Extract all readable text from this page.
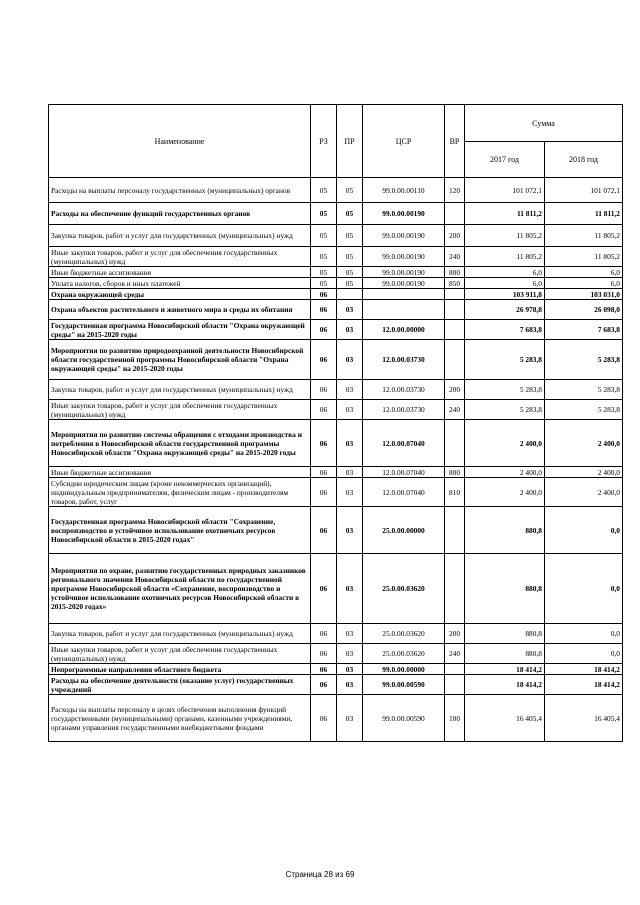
Наименование	РЗ	ПР	ЦСР	ВР	Сумма	
					2017 год	2018 год
Расходы на выплаты персоналу государственных (муниципальных) органов	05	05	99.0.00.00110	120	101 072,1	101 072,1
Расходы на обеспечение функций государственных органов	05	05	99.0.00.00190		11 811,2	11 811,2
Закупка товаров, работ и услуг для государственных (муниципальных) нужд	05	05	99.0.00.00190	200	11 805,2	11 805,2
Иные закупки товаров, работ и услуг для обеспечения государственных (муниципальных) нужд	05	05	99.0.00.00190	240	11 805,2	11 805,2
Иные бюджетные ассигнования	05	05	99.0.00.00190	800	6,0	6,0
Уплата налогов, сборов и иных платежей	05	05	99.0.00.00190	850	6,0	6,0
Охрана окружающей среды	06				103 911,8	103 031,0
Охрана объектов растительного и животного мира и среды их обитания	06	03			26 978,8	26 098,0
Государственная программа Новосибирской области "Охрана окружающей среды" на 2015-2020 годы	06	03	12.0.00.00000		7 683,8	7 683,8
Мероприятия по развитию природоохранной деятельности Новосибирской области государственной программы Новосибирской области "Охрана окружающей среды" на 2015-2020 годы	06	03	12.0.00.03730		5 283,8	5 283,8
Закупка товаров, работ и услуг для государственных (муниципальных) нужд	06	03	12.0.00.03730	200	5 283,8	5 283,8
Иные закупки товаров, работ и услуг для обеспечения государственных (муниципальных) нужд	06	03	12.0.00.03730	240	5 283,8	5 283,8
Мероприятия по развитию системы обращения с отходами производства и потребления в Новосибирской области государственной программы Новосибирской области "Охрана окружающей среды" на 2015-2020 годы	06	03	12.0.00.07040		2 400,0	2 400,0
Иные бюджетные ассигнования	06	03	12.0.00.07040	800	2 400,0	2 400,0
Субсидии юридическим лицам (кроме некоммерческих организаций), индивидуальным предпринимателям, физическим лицам - производителям товаров, работ, услуг	06	03	12.0.00.07040	810	2 400,0	2 400,0
Государственная программа Новосибирской области "Сохранение, воспроизводство и устойчивое использование охотничьих ресурсов Новосибирской области в 2015-2020 годах"	06	03	25.0.00.00000		880,8	0,0
Мероприятия по охране, развитию государственных природных заказников регионального значения Новосибирской области по государственной программе Новосибирской области «Сохранение, воспроизводство и устойчивое использование охотничьих ресурсов Новосибирской области в 2015-2020 годах»	06	03	25.0.00.03620		880,8	0,0
Закупка товаров, работ и услуг для государственных (муниципальных) нужд	06	03	25.0.00.03620	200	880,8	0,0
Иные закупки товаров, работ и услуг для обеспечения государственных (муниципальных) нужд	06	03	25.0.00.03620	240	880,8	0,0
Непрограммные направления областного бюджета	06	03	99.0.00.00000		18 414,2	18 414,2
Расходы на обеспечение деятельности (оказание услуг) государственных учреждений	06	03	99.0.00.00590		18 414,2	18 414,2
Расходы на выплаты персоналу в целях обеспечения выполнения функций государственными (муниципальными) органами, казенными учреждениями, органами управления государственными внебюджетными фондами	06	03	99.0.00.00590	100	16 405,4	16 405,4
Страница 28 из 69
